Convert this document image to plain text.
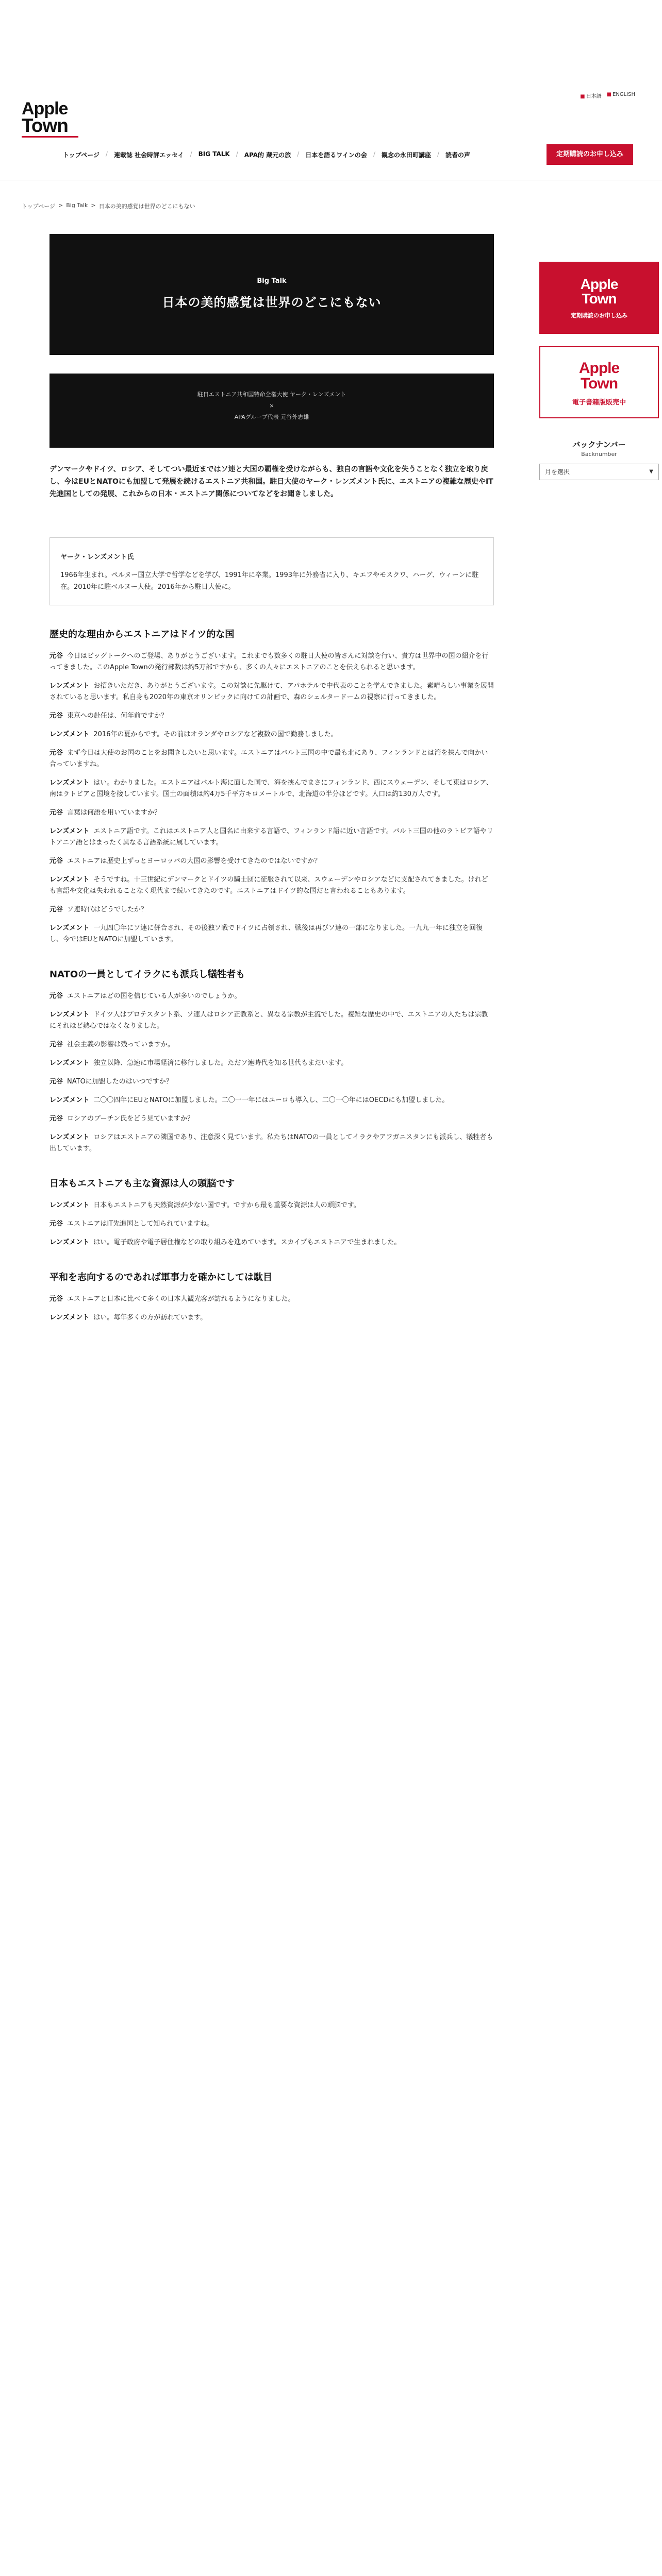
■ 日本語 ■ ENGLISH
Apple
Town
トップページ / 連載誌 社会時評エッセイ / BIG TALK / APA的 蔵元の旅 / 日本を語るワインの会 / 観念の永田町講座 / 読者の声	定期購読のお申し込み
トップページ > Big Talk > 日本の美的感覚は世界のどこにもない
Big Talk
日本の美的感覚は世界のどこにもない
駐日エストニア共和国特命全権大使 ヤーク・レンズメント
×
APAグループ代表 元谷外志雄

デンマークやドイツ、ロシア、そしてつい最近まではソ連と大国の覇権を受けながらも、独自の言語や文化を失うことなく独立を取り戻し、今はEUとNATOにも加盟して発展を続けるエストニア共和国。駐日大使のヤーク・レンズメント氏に、エストニアの複雑な歴史やIT先進国としての発展、これからの日本・エストニア関係についてなどをお聞きしました。

ヤーク・レンズメント氏
1966年生まれ。ペルヌー国立大学で哲学などを学び、1991年に卒業。1993年に外務省に入り、キエフやモスクワ、ハーグ、ウィーンに駐在。2010年に駐ベルヌー大使。2016年から駐日大使に。
歴史的な理由からエストニアはドイツ的な国

元谷 今日はビッグトークへのご登場、ありがとうございます。これまでも数多くの駐日大使の皆さんに対談を行い、貴方は世界中の国の紹介を行ってきました。このApple Townの発行部数は約5万部ですから、多くの人々にエストニアのことを伝えられると思います。

レンズメント お招きいただき、ありがとうございます。この対談に先駆けて、アパホテルで中代表のことを学んできました。素晴らしい事業を展開されていると思います。私自身も2020年の東京オリンピックに向けての計画で、森のシェルタードームの視察に行ってきました。

元谷 東京への赴任は、何年前ですか？

レンズメント 2016年の夏からです。その前はオランダやロシアなど複数の国で勤務しました。

元谷 まず今日は大使のお国のことをお聞きしたいと思います。エストニアはバルト三国の中で最も北にあり、フィンランドとは湾を挟んで向かい合っていますね。

レンズメント はい。わかりました。エストニアはバルト海に面した国で、海を挟んでまさにフィンランド、西にスウェーデン、そして東はロシア、南はラトビアと国境を接しています。国土の面積は約4万5千平方キロメートルで、北海道の半分ほどです。人口は約130万人です。

元谷 言葉は何語を用いていますか？

レンズメント エストニア語です。これはエストニア人と国名に由来する言語で、フィンランド語に近い言語です。バルト三国の他のラトビア語やリトアニア語とはまったく異なる言語系統に属しています。

元谷 エストニアは歴史上ずっとヨーロッパの大国の影響を受けてきたのではないですか？

レンズメント そうですね。十三世紀にデンマークとドイツの騎士団に征服されて以来、スウェーデンやロシアなどに支配されてきました。けれども言語や文化は失われることなく現代まで続いてきたのです。エストニアはドイツ的な国だと言われることもあります。

元谷 ソ連時代はどうでしたか？

レンズメント 一九四〇年にソ連に併合され、その後独ソ戦でドイツに占領され、戦後は再びソ連の一部になりました。一九九一年に独立を回復し、今ではEUとNATOに加盟しています。

NATOの一員としてイラクにも派兵し犠牲者も

元谷 エストニアはどの国を信じている人が多いのでしょうか。

レンズメント ドイツ人はプロテスタント系、ソ連人はロシア正教系と、異なる宗教が主流でした。複雑な歴史の中で、エストニアの人たちは宗教にそれほど熱心ではなくなりました。

元谷 社会主義の影響は残っていますか。

レンズメント 独立以降、急速に市場経済に移行しました。ただソ連時代を知る世代もまだいます。

元谷 NATOに加盟したのはいつですか？

レンズメント 二〇〇四年にEUとNATOに加盟しました。二〇一一年にはユーロも導入し、二〇一〇年にはOECDにも加盟しました。

元谷 ロシアのプーチン氏をどう見ていますか？

レンズメント ロシアはエストニアの隣国であり、注意深く見ています。私たちはNATOの一員としてイラクやアフガニスタンにも派兵し、犠牲者も出しています。

日本もエストニアも主な資源は人の頭脳です

レンズメント 日本もエストニアも天然資源が少ない国です。ですから最も重要な資源は人の頭脳です。

元谷 エストニアはIT先進国として知られていますね。

レンズメント はい。電子政府や電子居住権などの取り組みを進めています。スカイプもエストニアで生まれました。

平和を志向するのであれば軍事力を確かにしては駄目

元谷 エストニアと日本に比べて多くの日本人観光客が訪れるようになりました。

レンズメント はい。毎年多くの方が訪れています。

Apple
Town
定期購読のお申し込み
Apple
Town
電子書籍版販売中
バックナンバー
Backnumber
月を選択	▼
